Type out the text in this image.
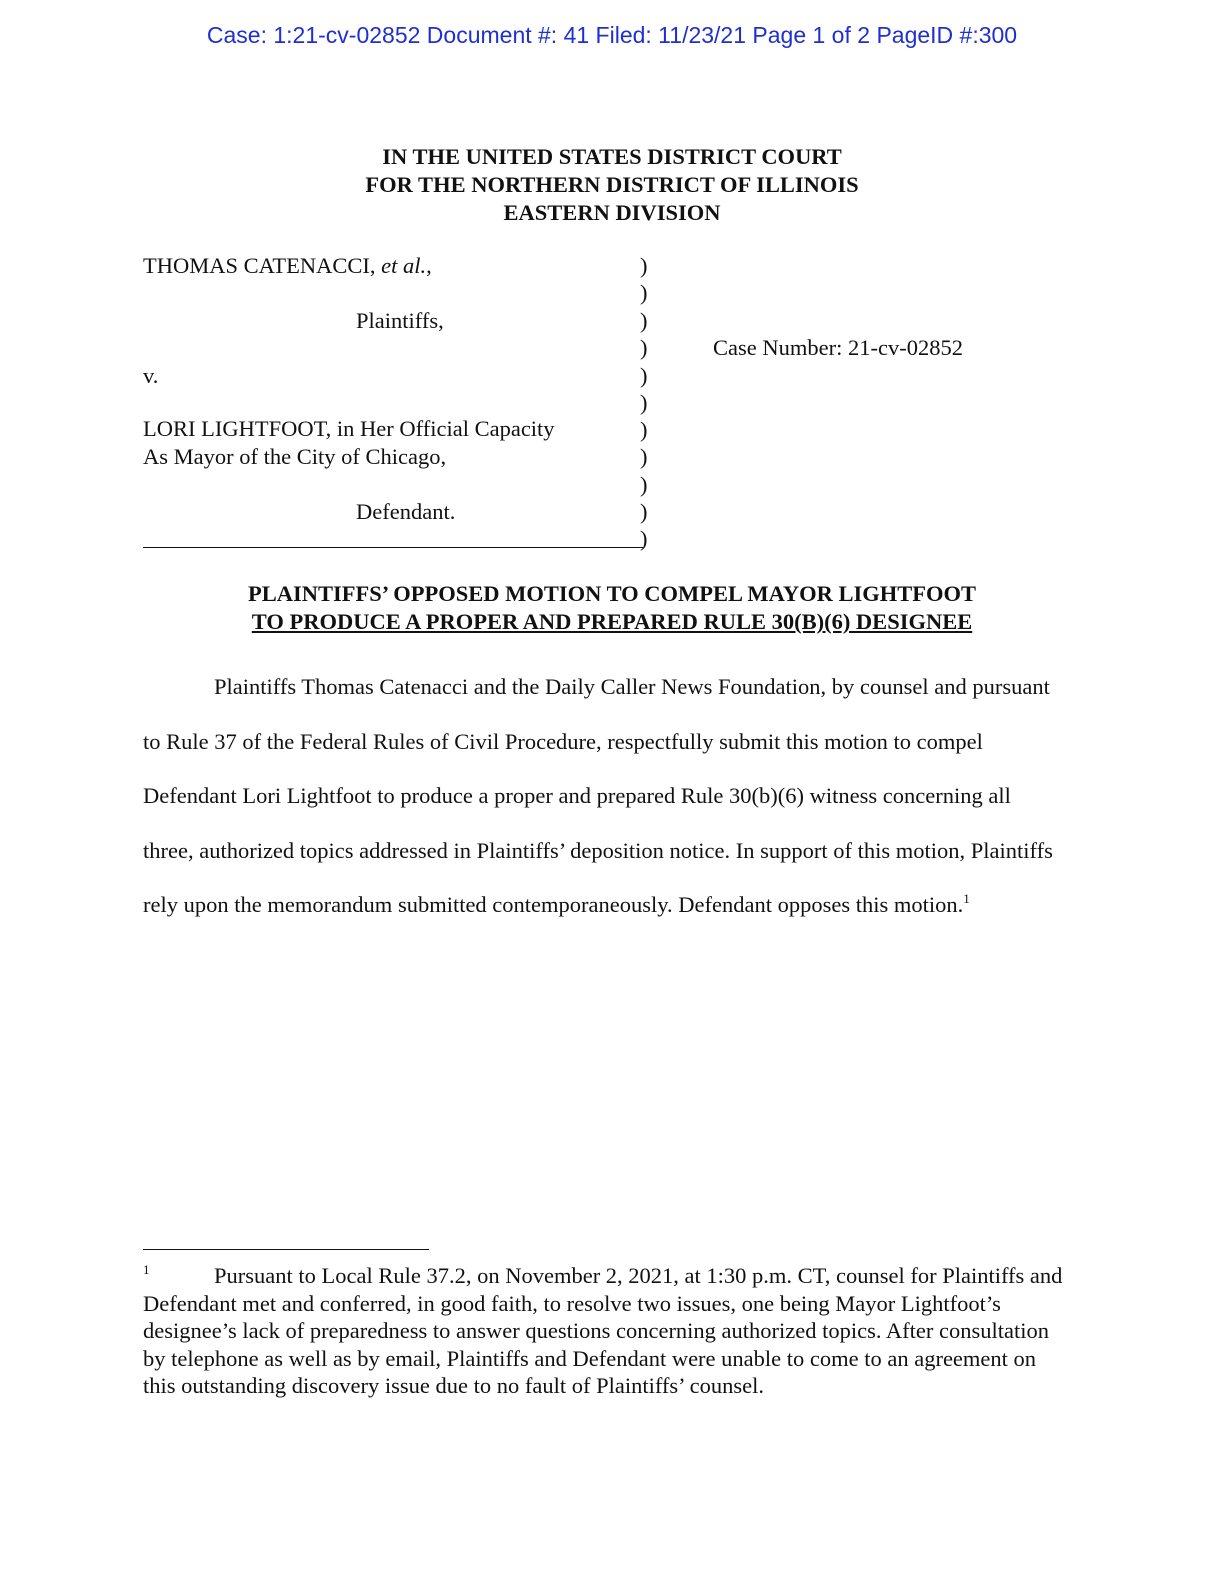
Case: 1:21-cv-02852 Document #: 41 Filed: 11/23/21 Page 1 of 2 PageID #:300
IN THE UNITED STATES DISTRICT COURT
FOR THE NORTHERN DISTRICT OF ILLINOIS
EASTERN DIVISION
THOMAS CATENACCI, et al.,
Plaintiffs,
v.
LORI LIGHTFOOT, in Her Official Capacity
As Mayor of the City of Chicago,
Defendant.
)
)
)
)
)
)
)
)
)
)
)
Case Number: 21-cv-02852
PLAINTIFFS’ OPPOSED MOTION TO COMPEL MAYOR LIGHTFOOT
TO PRODUCE A PROPER AND PREPARED RULE 30(B)(6) DESIGNEE

Plaintiffs Thomas Catenacci and the Daily Caller News Foundation, by counsel and pursuant to Rule 37 of the Federal Rules of Civil Procedure, respectfully submit this motion to compel Defendant Lori Lightfoot to produce a proper and prepared Rule 30(b)(6) witness concerning all three, authorized topics addressed in Plaintiffs’ deposition notice. In support of this motion, Plaintiffs rely upon the memorandum submitted contemporaneously. Defendant opposes this motion.$^1$

1	Pursuant to Local Rule 37.2, on November 2, 2021, at 1:30 p.m. CT, counsel for Plaintiffs and Defendant met and conferred, in good faith, to resolve two issues, one being Mayor Lightfoot’s designee’s lack of preparedness to answer questions concerning authorized topics. After consultation by telephone as well as by email, Plaintiffs and Defendant were unable to come to an agreement on this outstanding discovery issue due to no fault of Plaintiffs’ counsel.
